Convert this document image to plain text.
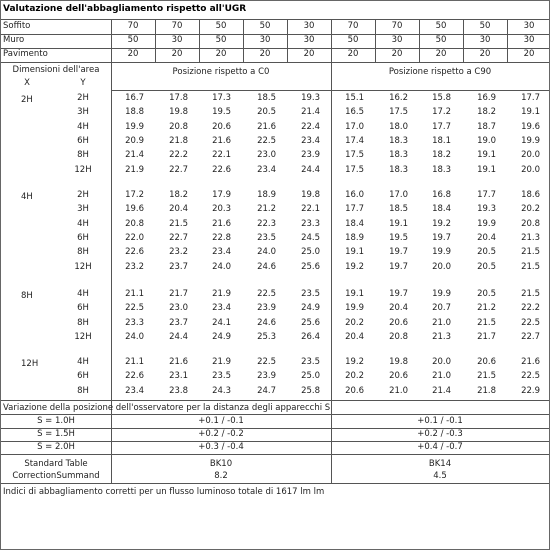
Valutazione dell'abbagliamento rispetto all'UGR
Soffito	70	70	50	50	30	70	70	50	50	30
Muro	50	30	50	30	30	50	30	50	30	30
Pavimento	20	20	20	20	20	20	20	20	20	20
Dimensioni dell'area
X	Y
Posizione rispetto a C0	Posizione rispetto a C90
2H	2H	16.7	17.8	17.3	18.5	19.3	15.1	16.2	15.8	16.9	17.7
3H	18.8	19.8	19.5	20.5	21.4	16.5	17.5	17.2	18.2	19.1
4H	19.9	20.8	20.6	21.6	22.4	17.0	18.0	17.7	18.7	19.6
6H	20.9	21.8	21.6	22.5	23.4	17.4	18.3	18.1	19.0	19.9
8H	21.4	22.2	22.1	23.0	23.9	17.5	18.3	18.2	19.1	20.0
12H	21.9	22.7	22.6	23.4	24.4	17.5	18.3	18.3	19.1	20.0
4H	2H	17.2	18.2	17.9	18.9	19.8	16.0	17.0	16.8	17.7	18.6
3H	19.6	20.4	20.3	21.2	22.1	17.7	18.5	18.4	19.3	20.2
4H	20.8	21.5	21.6	22.3	23.3	18.4	19.1	19.2	19.9	20.8
6H	22.0	22.7	22.8	23.5	24.5	18.9	19.5	19.7	20.4	21.3
8H	22.6	23.2	23.4	24.0	25.0	19.1	19.7	19.9	20.5	21.5
12H	23.2	23.7	24.0	24.6	25.6	19.2	19.7	20.0	20.5	21.5
8H	4H	21.1	21.7	21.9	22.5	23.5	19.1	19.7	19.9	20.5	21.5
6H	22.5	23.0	23.4	23.9	24.9	19.9	20.4	20.7	21.2	22.2
8H	23.3	23.7	24.1	24.6	25.6	20.2	20.6	21.0	21.5	22.5
12H	24.0	24.4	24.9	25.3	26.4	20.4	20.8	21.3	21.7	22.7
12H	4H	21.1	21.6	21.9	22.5	23.5	19.2	19.8	20.0	20.6	21.6
6H	22.6	23.1	23.5	23.9	25.0	20.2	20.6	21.0	21.5	22.5
8H	23.4	23.8	24.3	24.7	25.8	20.6	21.0	21.4	21.8	22.9
Variazione della posizione dell'osservatore per la distanza degli apparecchi S
S = 1.0H	+0.1 / -0.1	+0.1 / -0.1
S = 1.5H	+0.2 / -0.2	+0.2 / -0.3
S = 2.0H	+0.3 / -0.4	+0.4 / -0.7
Standard Table	BK10	BK14
CorrectionSummand	8.2	4.5
Indici di abbagliamento corretti per un flusso luminoso totale di 1617 lm lm
